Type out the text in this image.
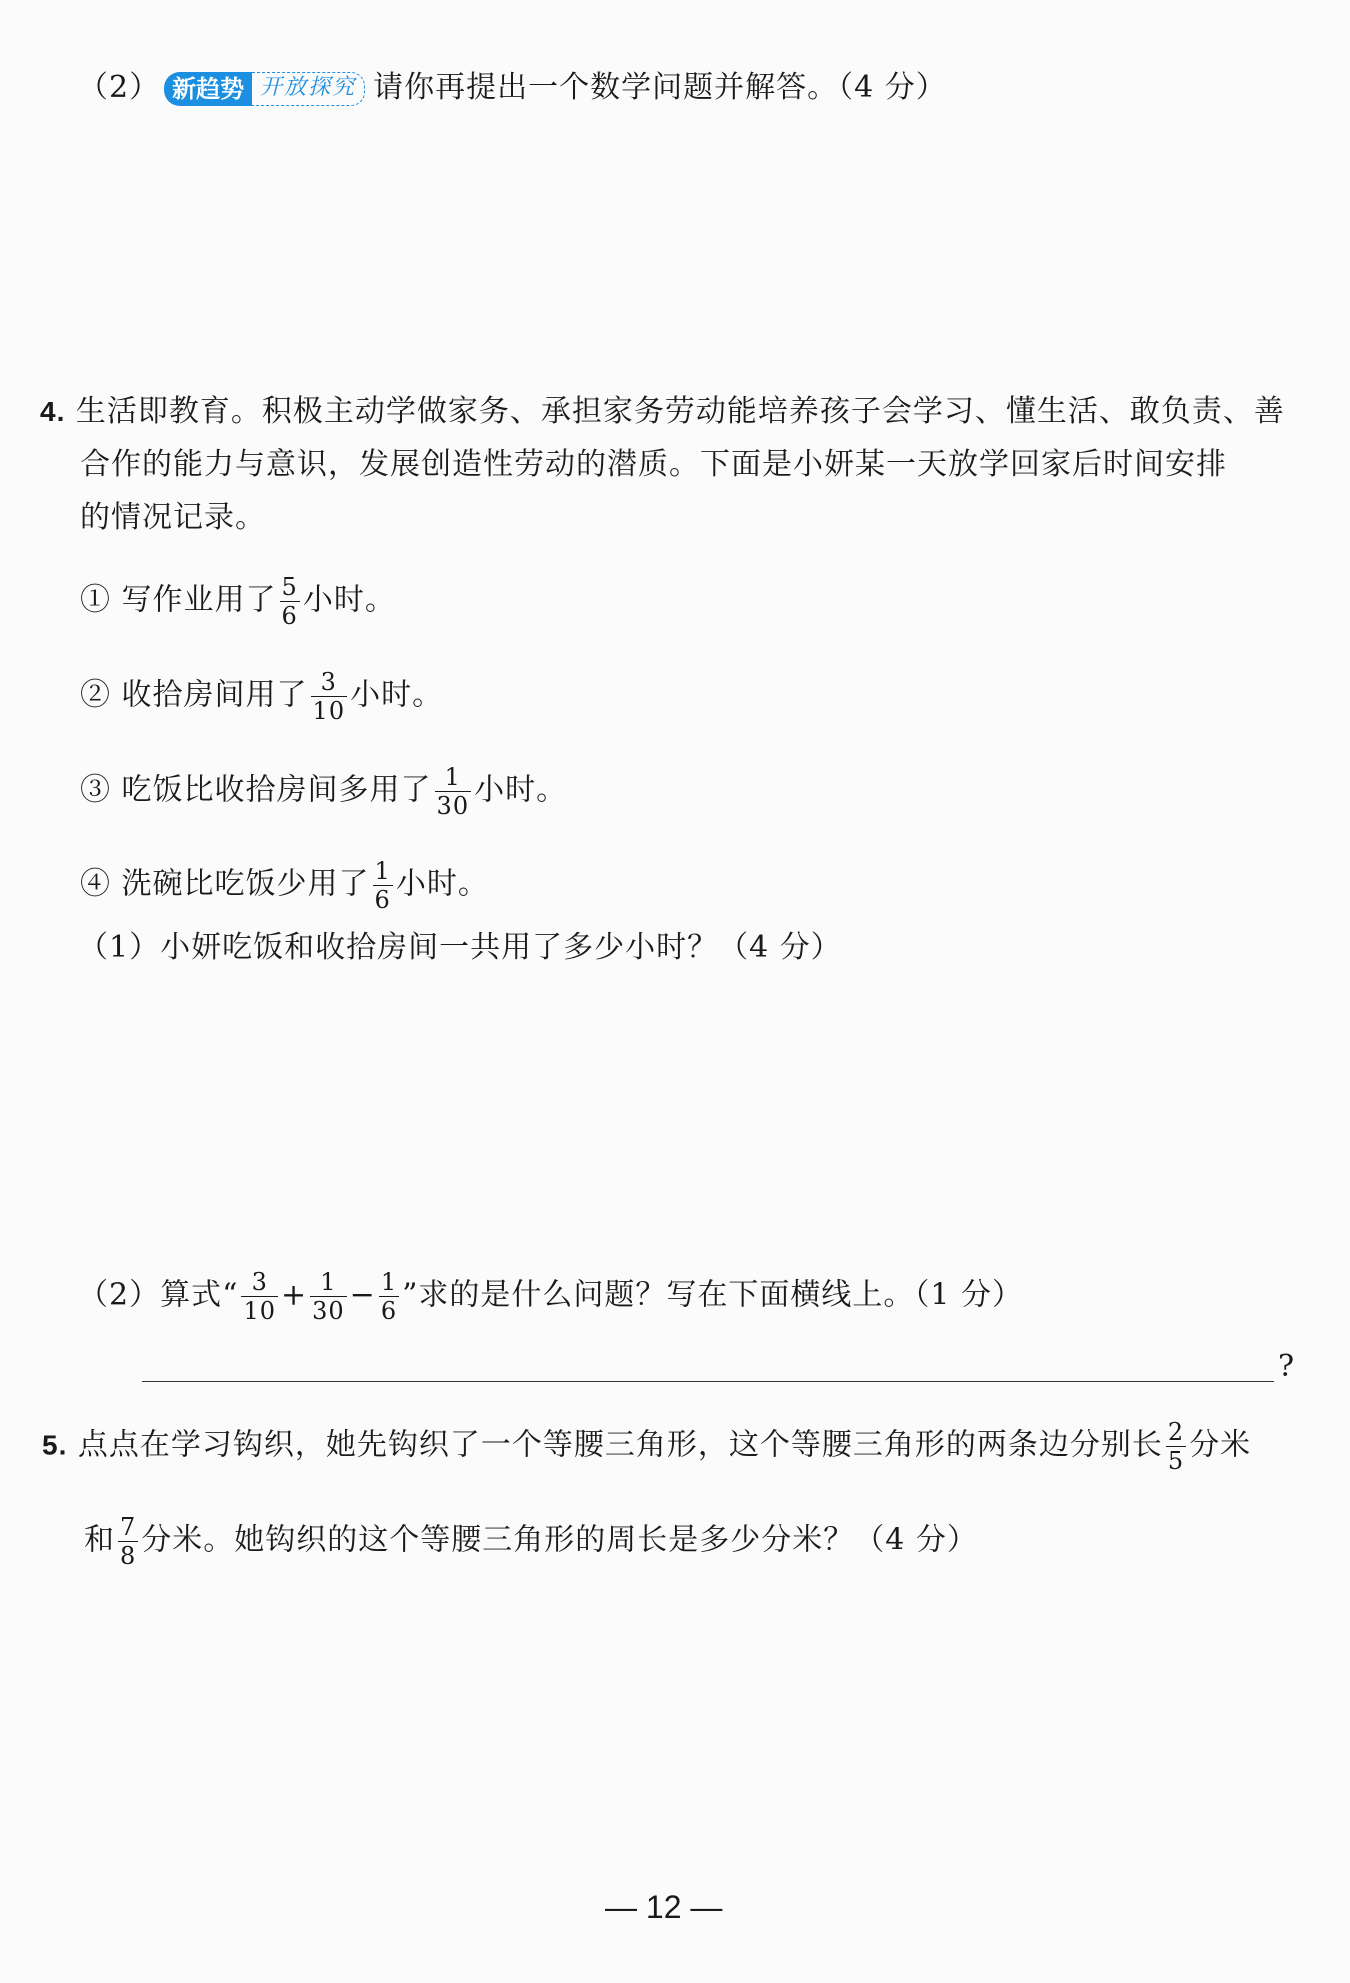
（2） 新趋势 开放探究 请你再提出一个数学问题并解答。（4 分）
4. 生活即教育。积极主动学做家务、承担家务劳动能培养孩子会学习、懂生活、敢负责、善
合作的能力与意识，发展创造性劳动的潜质。下面是小妍某一天放学回家后时间安排
的情况记录。
① 写作业用了 $\frac{5}{6}$ 小时。
② 收拾房间用了 $\frac{3}{10}$ 小时。
③ 吃饭比收拾房间多用了 $\frac{1}{30}$ 小时。
④ 洗碗比吃饭少用了 $\frac{1}{6}$ 小时。
（1）小妍吃饭和收拾房间一共用了多少小时？（4 分）
（2）算式“ $\frac{3}{10} + \frac{1}{30} - \frac{1}{6}$ ”求的是什么问题？写在下面横线上。（1 分）
?
5. 点点在学习钩织，她先钩织了一个等腰三角形，这个等腰三角形的两条边分别长 $\frac{2}{5}$ 分米
和 $\frac{7}{8}$ 分米。她钩织的这个等腰三角形的周长是多少分米？（4 分）
— 12 —
